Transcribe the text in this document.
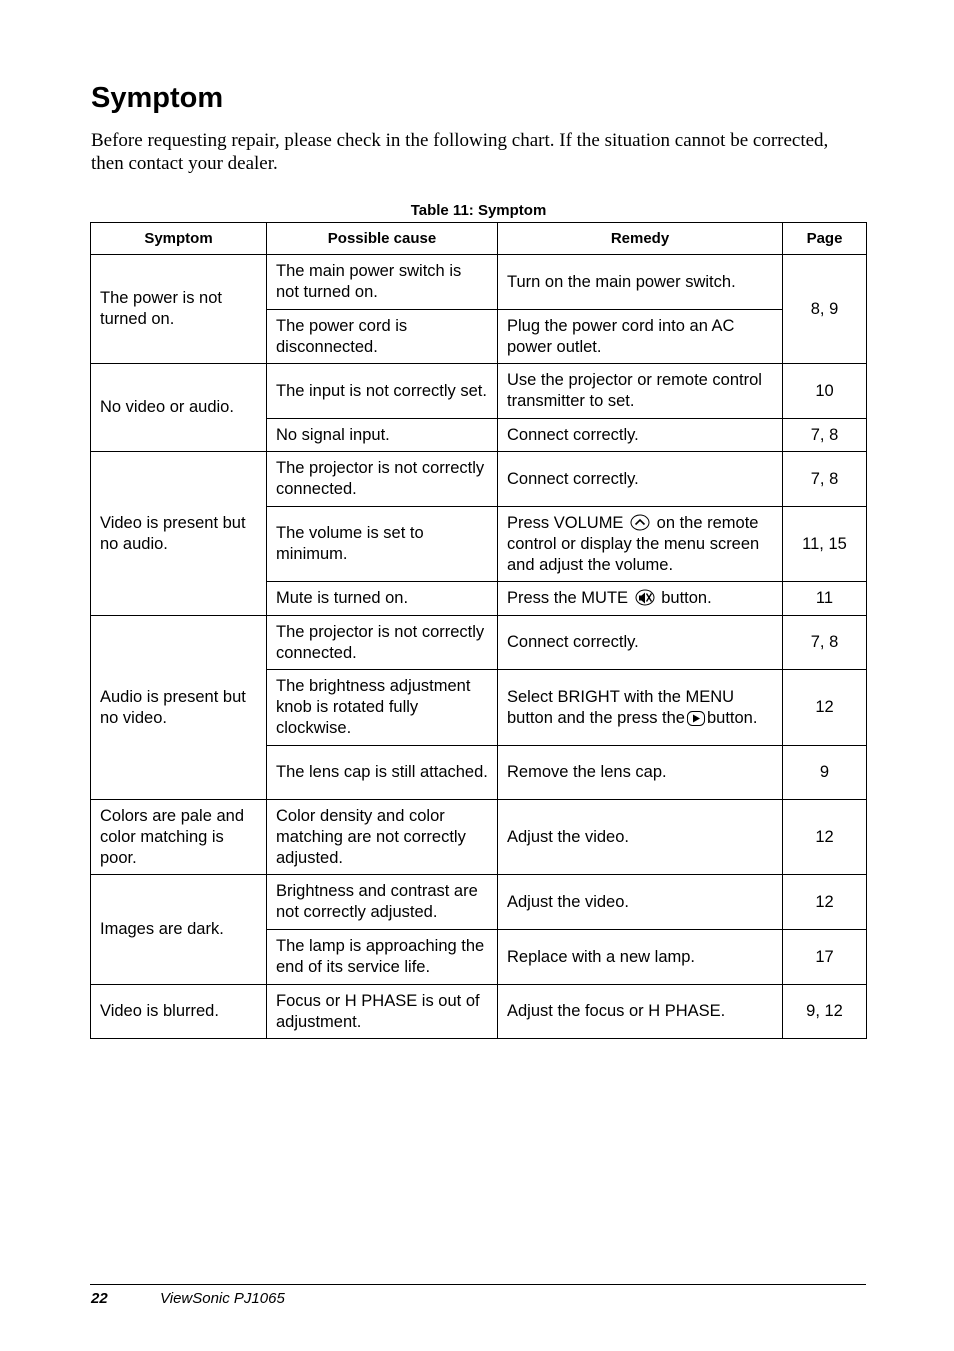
Symptom

Before requesting repair, please check in the following chart. If the situation cannot be corrected, then contact your dealer.

Table 11: Symptom
Symptom	Possible cause	Remedy	Page
The power is not turned on.	The main power switch is not turned on.	Turn on the main power switch.	8, 9
	The power cord is disconnected.	Plug the power cord into an AC power outlet.	
No video or audio.	The input is not correctly set.	Use the projector or remote control transmitter to set.	10
	No signal input.	Connect correctly.	7, 8
Video is present but no audio.	The projector is not correctly connected.	Connect correctly.	7, 8
	The volume is set to minimum.	Press VOLUME on the remote control or display the menu screen and adjust the volume.	11, 15
	Mute is turned on.	Press the MUTE button.	11
Audio is present but no video.	The projector is not correctly connected.	Connect correctly.	7, 8
	The brightness adjustment knob is rotated fully clockwise.	Select BRIGHT with the MENU button and the press the button.	12
	The lens cap is still attached.	Remove the lens cap.	9
Colors are pale and color matching is poor.	Color density and color matching are not correctly adjusted.	Adjust the video.	12
Images are dark.	Brightness and contrast are not correctly adjusted.	Adjust the video.	12
	The lamp is approaching the end of its service life.	Replace with a new lamp.	17
Video is blurred.	Focus or H PHASE is out of adjustment.	Adjust the focus or H PHASE.	9, 12
22	ViewSonic PJ1065
